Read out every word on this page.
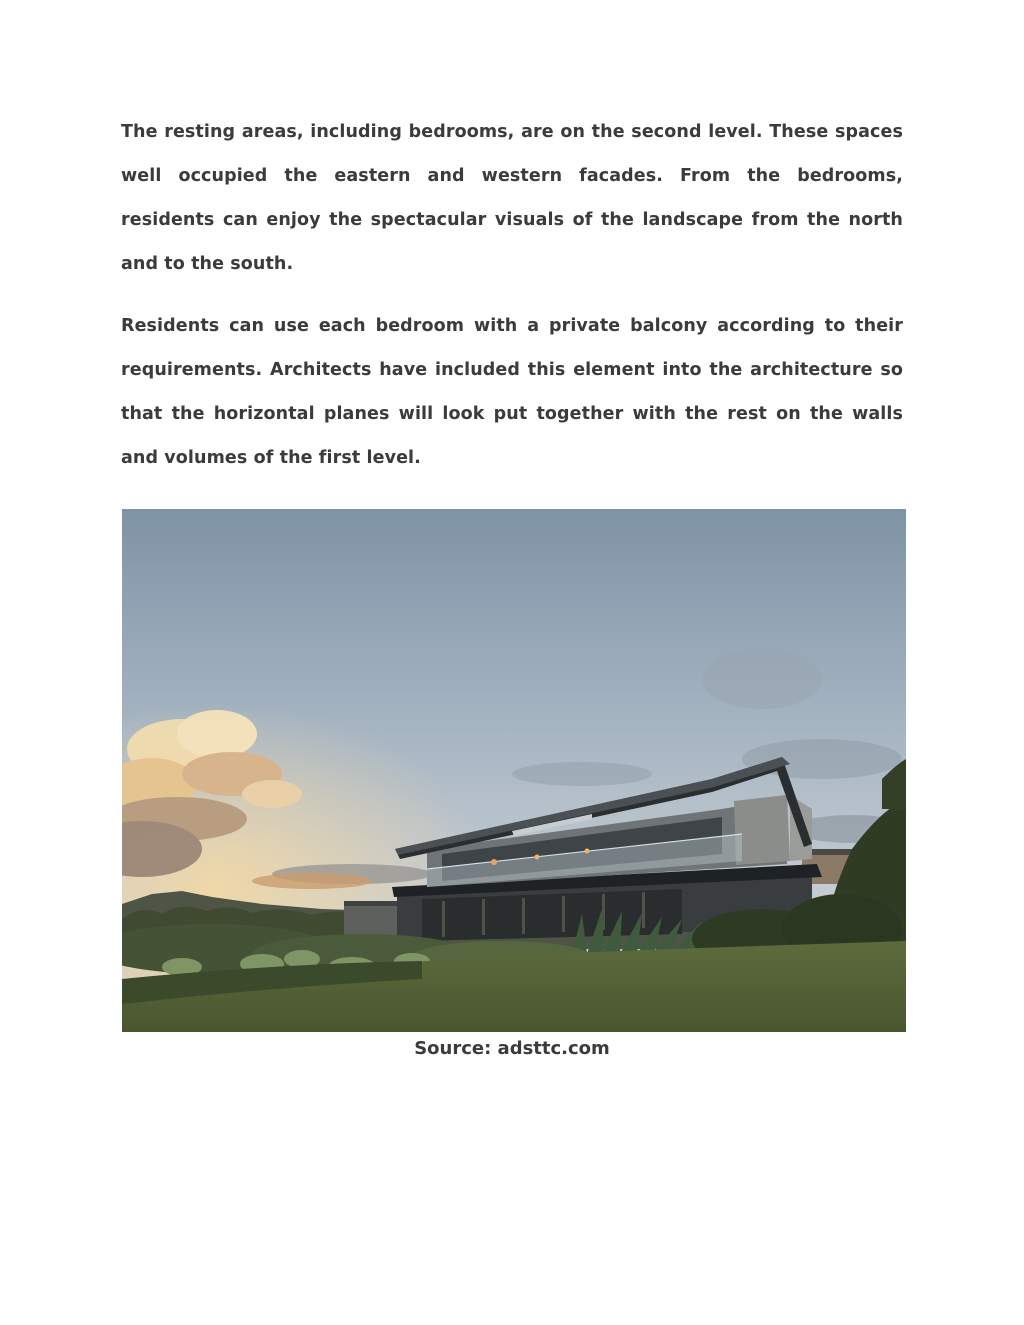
The resting areas, including bedrooms, are on the second level. These spaces well occupied the eastern and western facades. From the bedrooms, residents can enjoy the spectacular visuals of the landscape from the north and to the south.

Residents can use each bedroom with a private balcony according to their requirements. Architects have included this element into the architecture so that the horizontal planes will look put together with the rest on the walls and volumes of the first level.

Source: adsttc.com
